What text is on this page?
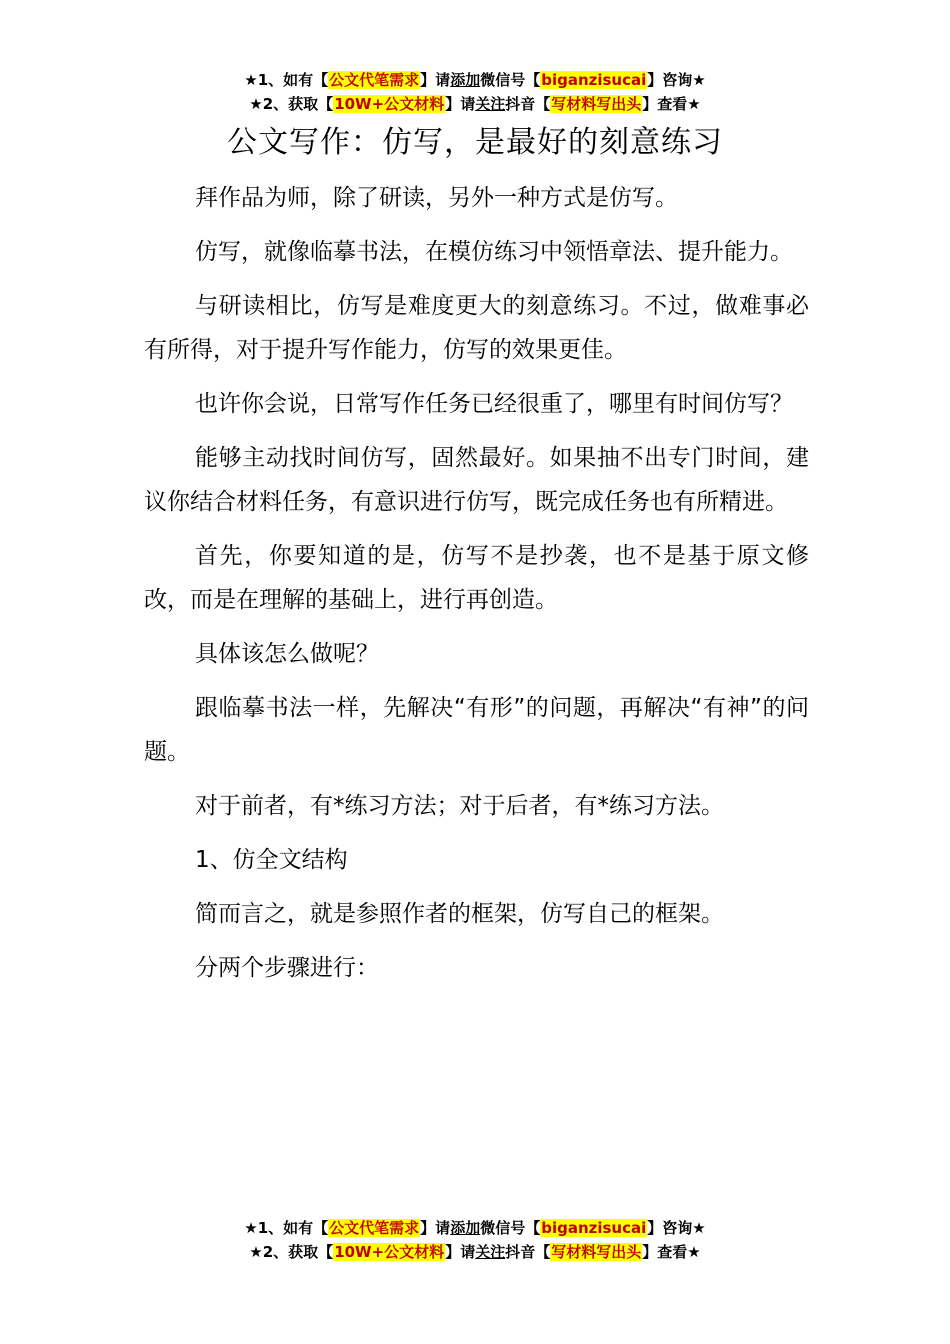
★1、如有【公文代笔需求】请添加微信号【biganzisucai】咨询★
★2、获取【10W+公文材料】请关注抖音【写材料写出头】查看★
公文写作：仿写，是最好的刻意练习

拜作品为师，除了研读，另外一种方式是仿写。

仿写，就像临摹书法，在模仿练习中领悟章法、提升能力。

与研读相比，仿写是难度更大的刻意练习。不过，做难事必有所得，对于提升写作能力，仿写的效果更佳。

也许你会说，日常写作任务已经很重了，哪里有时间仿写？

能够主动找时间仿写，固然最好。如果抽不出专门时间，建议你结合材料任务，有意识进行仿写，既完成任务也有所精进。

首先，你要知道的是，仿写不是抄袭，也不是基于原文修改，而是在理解的基础上，进行再创造。

具体该怎么做呢？

跟临摹书法一样，先解决“有形”的问题，再解决“有神”的问题。

对于前者，有*练习方法；对于后者，有*练习方法。

1、仿全文结构

简而言之，就是参照作者的框架，仿写自己的框架。

分两个步骤进行：

★1、如有【公文代笔需求】请添加微信号【biganzisucai】咨询★
★2、获取【10W+公文材料】请关注抖音【写材料写出头】查看★
